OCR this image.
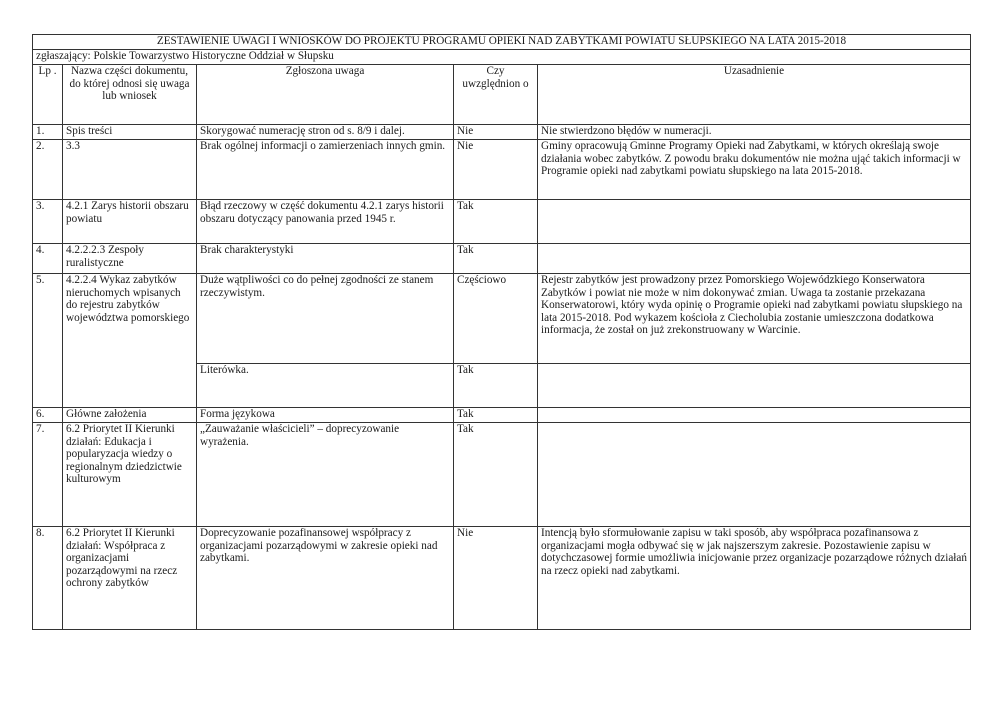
ZESTAWIENIE UWAGI I WNIOSKÓW DO PROJEKTU PROGRAMU OPIEKI NAD ZABYTKAMI POWIATU SŁUPSKIEGO NA LATA 2015-2018				
zgłaszający: Polskie Towarzystwo Historyczne Oddział w Słupsku				
Lp .	Nazwa części dokumentu, do której odnosi się uwaga lub wniosek	Zgłoszona uwaga	Czy uwzględnion o	Uzasadnienie
1.	Spis treści	Skorygować numerację stron od s. 8/9 i dalej.	Nie	Nie stwierdzono błędów w numeracji.
2.	3.3	Brak ogólnej informacji o zamierzeniach innych gmin.	Nie	Gminy opracowują Gminne Programy Opieki nad Zabytkami, w których określają swoje działania wobec zabytków. Z powodu braku dokumentów nie można ująć takich informacji w Programie opieki nad zabytkami powiatu słupskiego na lata 2015-2018.
3.	4.2.1 Zarys historii obszaru powiatu	Błąd rzeczowy w część dokumentu 4.2.1 zarys historii obszaru dotyczący panowania przed 1945 r.	Tak	
4.	4.2.2.2.3 Zespoły ruralistyczne	Brak charakterystyki	Tak	
5.	4.2.2.4 Wykaz zabytków nieruchomych wpisanych do rejestru zabytków województwa pomorskiego	Duże wątpliwości co do pełnej zgodności ze stanem rzeczywistym.	Częściowo	Rejestr zabytków jest prowadzony przez Pomorskiego Wojewódzkiego Konserwatora Zabytków i powiat nie może w nim dokonywać zmian. Uwaga ta zostanie przekazana Konserwatorowi, który wyda opinię o Programie opieki nad zabytkami powiatu słupskiego na lata 2015-2018. Pod wykazem kościoła z Ciecholubia zostanie umieszczona dodatkowa informacja, że został on już zrekonstruowany w Warcinie.
		Literówka.	Tak	
6.	Główne założenia	Forma językowa	Tak	
7.	6.2 Priorytet II Kierunki działań: Edukacja i popularyzacja wiedzy o regionalnym dziedzictwie kulturowym	„Zauważanie właścicieli” – doprecyzowanie wyrażenia.	Tak	
8.	6.2 Priorytet II Kierunki działań: Współpraca z organizacjami pozarządowymi na rzecz ochrony zabytków	Doprecyzowanie pozafinansowej współpracy z organizacjami pozarządowymi w zakresie opieki nad zabytkami.	Nie	Intencją było sformułowanie zapisu w taki sposób, aby współpraca pozafinansowa z organizacjami mogła odbywać się w jak najszerszym zakresie. Pozostawienie zapisu w dotychczasowej formie umożliwia inicjowanie przez organizacje pozarządowe różnych działań na rzecz opieki nad zabytkami.
